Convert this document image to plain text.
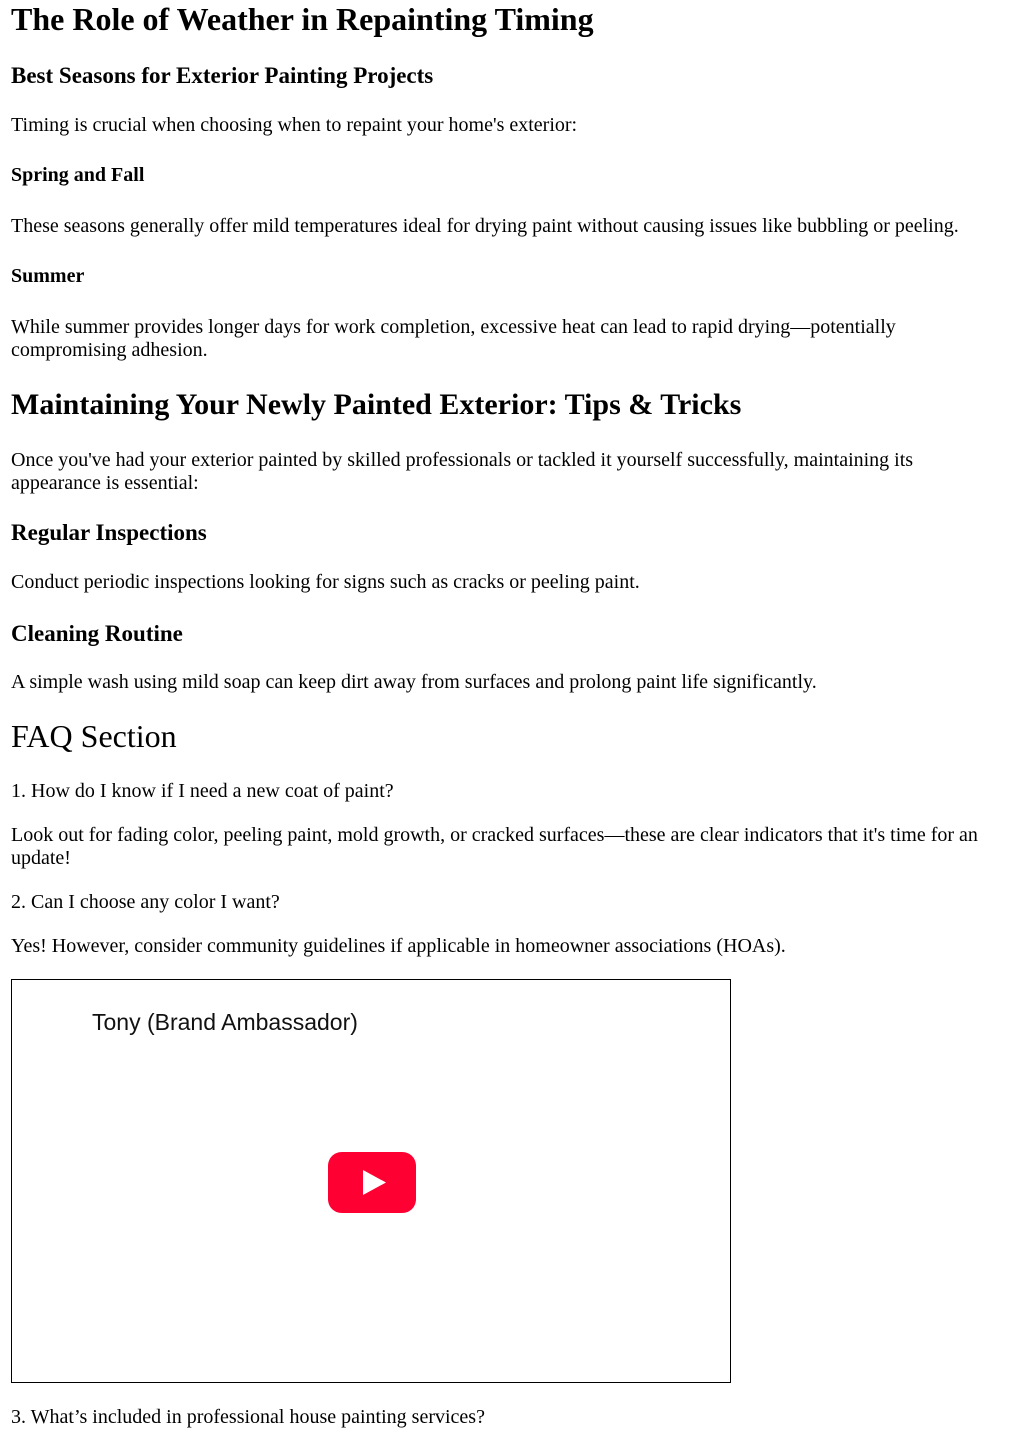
The Role of Weather in Repainting Timing
Best Seasons for Exterior Painting Projects

Timing is crucial when choosing when to repaint your home's exterior:

Spring and Fall

These seasons generally offer mild temperatures ideal for drying paint without causing issues like bubbling or peeling.

Summer

While summer provides longer days for work completion, excessive heat can lead to rapid drying—potentially compromising adhesion.

Maintaining Your Newly Painted Exterior: Tips & Tricks

Once you've had your exterior painted by skilled professionals or tackled it yourself successfully, maintaining its appearance is essential:

Regular Inspections

Conduct periodic inspections looking for signs such as cracks or peeling paint.

Cleaning Routine

A simple wash using mild soap can keep dirt away from surfaces and prolong paint life significantly.

FAQ Section

1. How do I know if I need a new coat of paint?

Look out for fading color, peeling paint, mold growth, or cracked surfaces—these are clear indicators that it's time for an update!

2. Can I choose any color I want?

Yes! However, consider community guidelines if applicable in homeowner associations (HOAs).

Tony (Brand Ambassador)

3. What’s included in professional house painting services?
